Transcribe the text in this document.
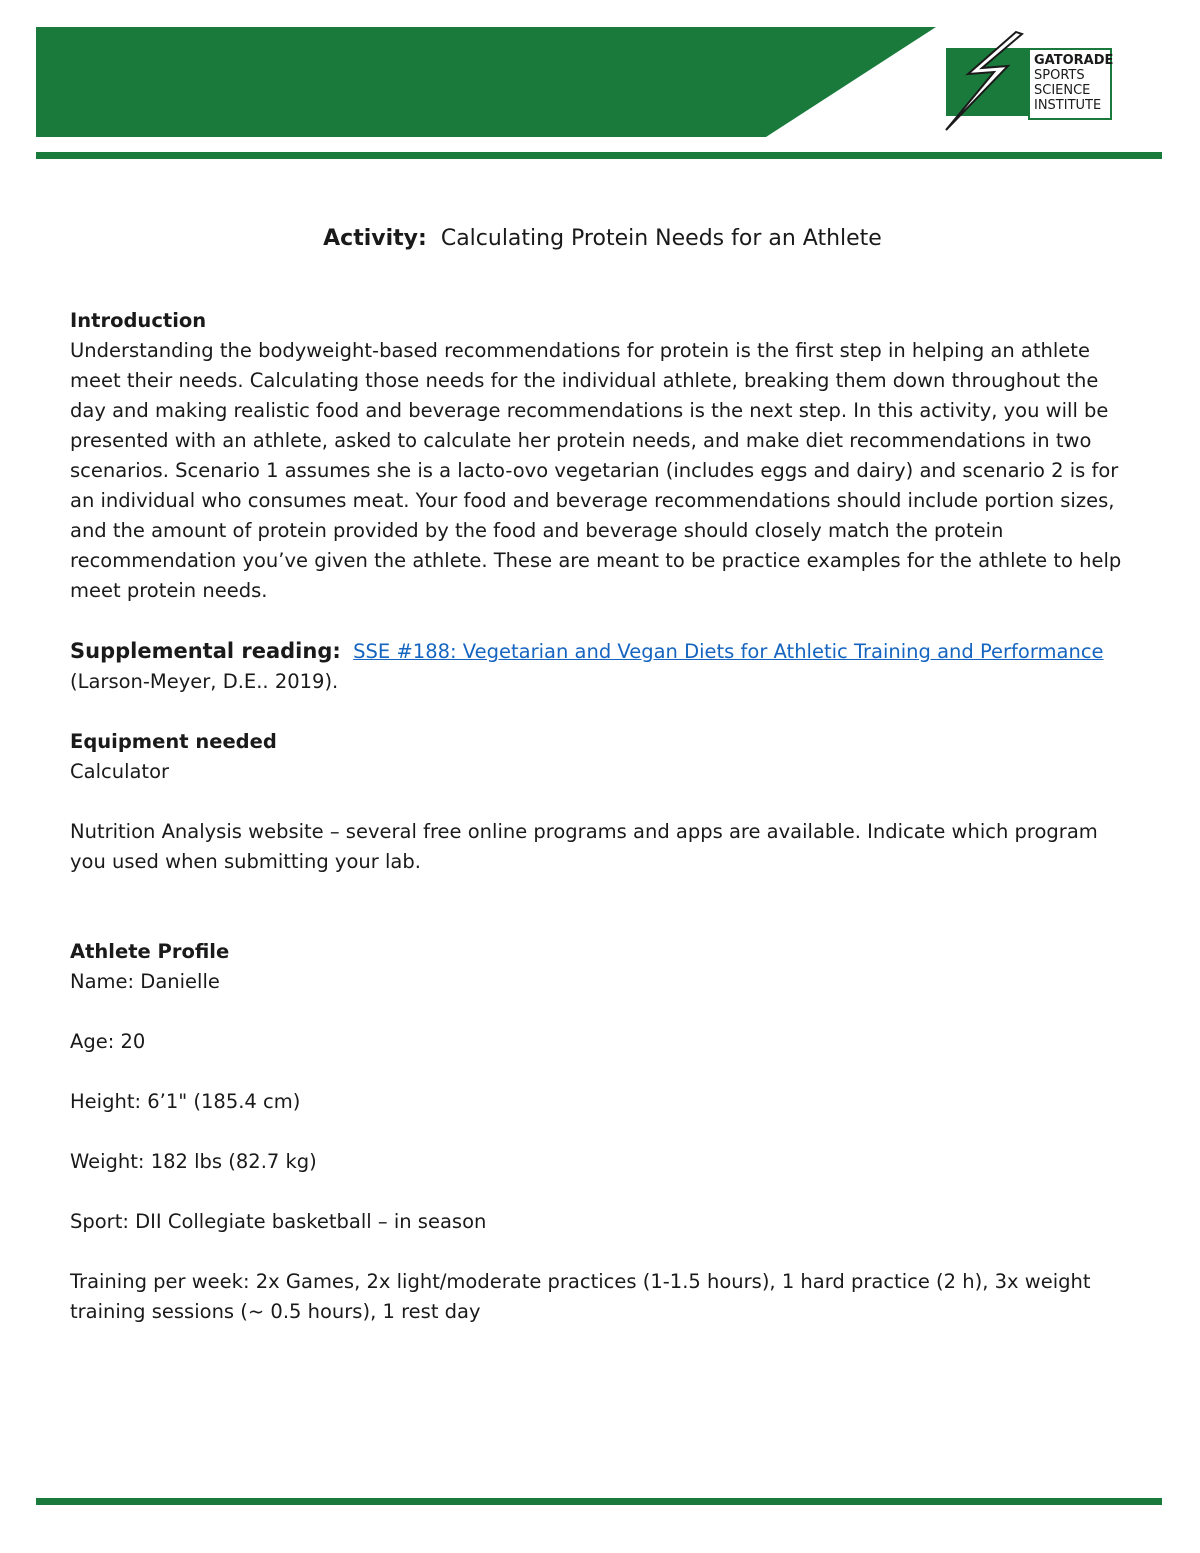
GATORADE
SPORTS
SCIENCE
INSTITUTE
Activity: Calculating Protein Needs for an Athlete
Introduction

Understanding the bodyweight-based recommendations for protein is the first step in helping an athlete meet their needs. Calculating those needs for the individual athlete, breaking them down throughout the day and making realistic food and beverage recommendations is the next step. In this activity, you will be presented with an athlete, asked to calculate her protein needs, and make diet recommendations in two scenarios. Scenario 1 assumes she is a lacto-ovo vegetarian (includes eggs and dairy) and scenario 2 is for an individual who consumes meat. Your food and beverage recommendations should include portion sizes, and the amount of protein provided by the food and beverage should closely match the protein recommendation you’ve given the athlete. These are meant to be practice examples for the athlete to help meet protein needs.

Supplemental reading: SSE #188: Vegetarian and Vegan Diets for Athletic Training and Performance
(Larson-Meyer, D.E.. 2019).
Equipment needed
Calculator
Nutrition Analysis website – several free online programs and apps are available. Indicate which program you used when submitting your lab.
Athlete Profile
Name: Danielle
Age: 20
Height: 6’1" (185.4 cm)
Weight: 182 lbs (82.7 kg)
Sport: DII Collegiate basketball – in season
Training per week: 2x Games, 2x light/moderate practices (1-1.5 hours), 1 hard practice (2 h), 3x weight training sessions (~ 0.5 hours), 1 rest day
